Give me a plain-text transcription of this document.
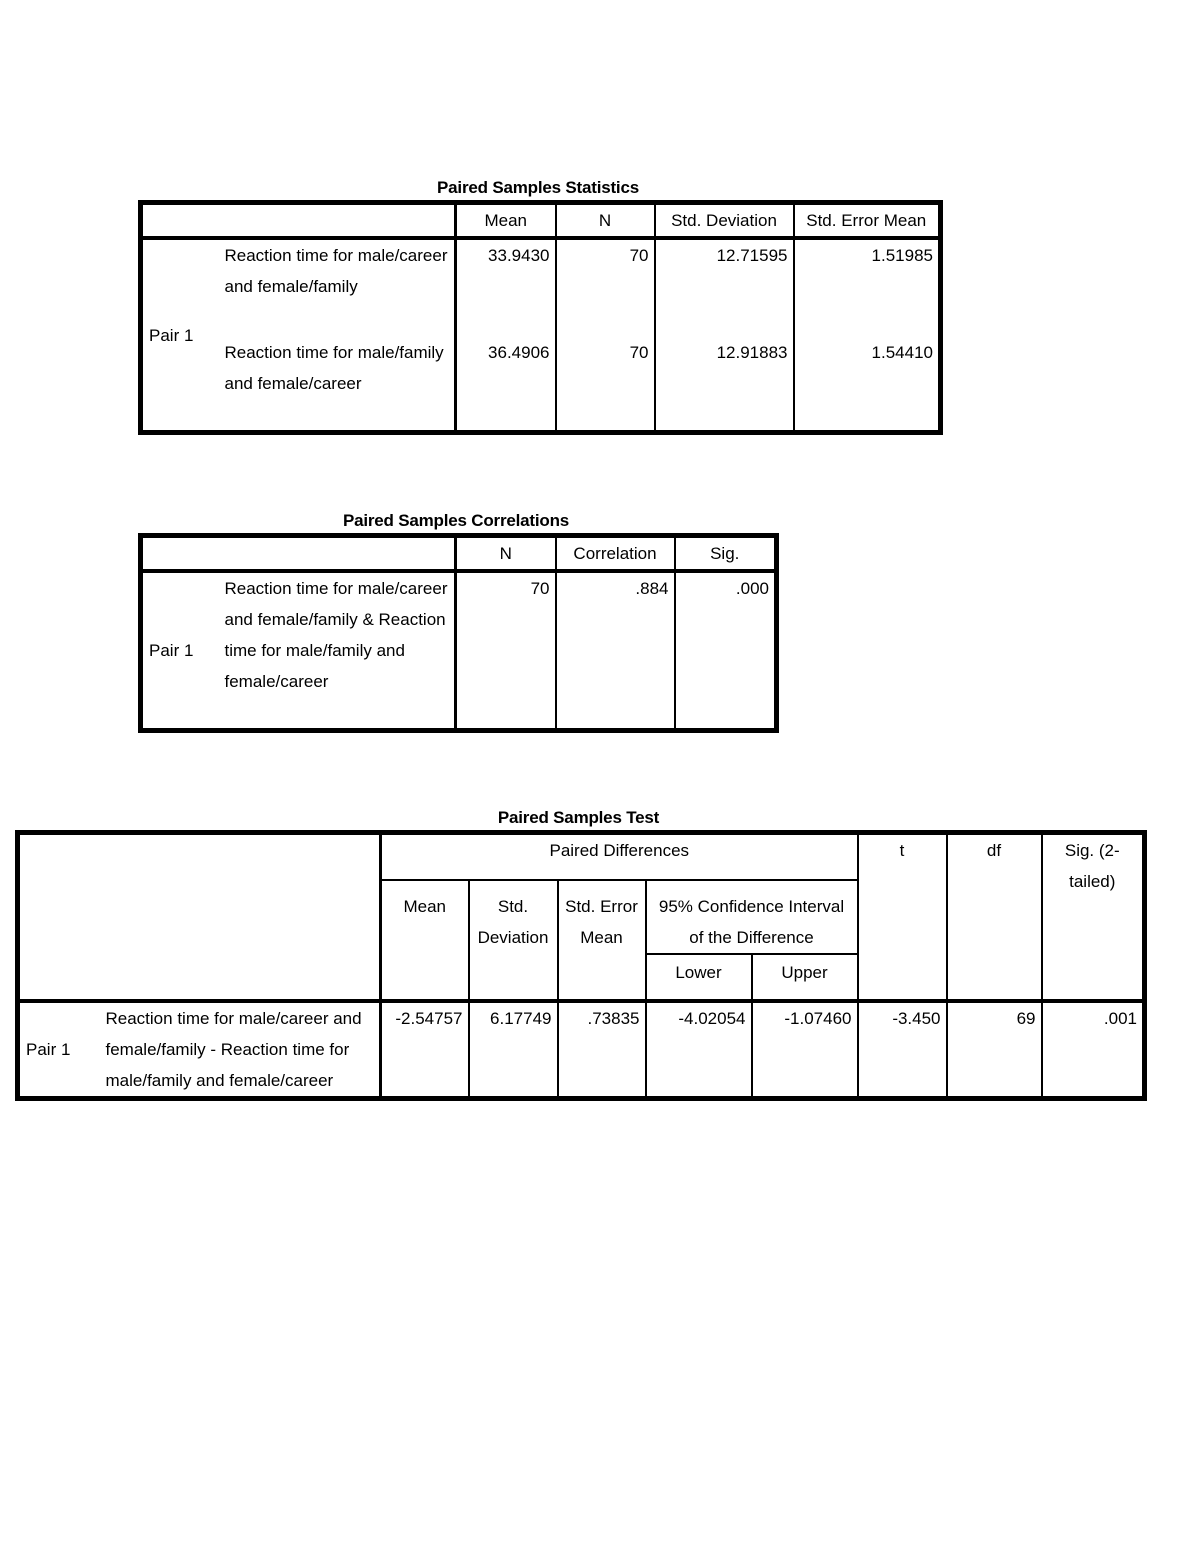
Paired Samples Statistics
		Mean	N	Std. Deviation	Std. Error Mean
Pair 1	Reaction time for male/career and female/family	33.9430	70	12.71595	1.51985
	Reaction time for male/family and female/career	36.4906	70	12.91883	1.54410
Paired Samples Correlations
		N	Correlation	Sig.
Pair 1	Reaction time for male/career and female/family & Reaction time for male/family and female/career	70	.884	.000
Paired Samples Test
		Paired Differences					t	df	Sig. (2-tailed)
		Mean	Std. Deviation	Std. Error Mean	95% Confidence Interval of the Difference				
					Lower	Upper			
Pair 1	Reaction time for male/career and female/family - Reaction time for male/family and female/career	-2.54757	6.17749	.73835	-4.02054	-1.07460	-3.450	69	.001
